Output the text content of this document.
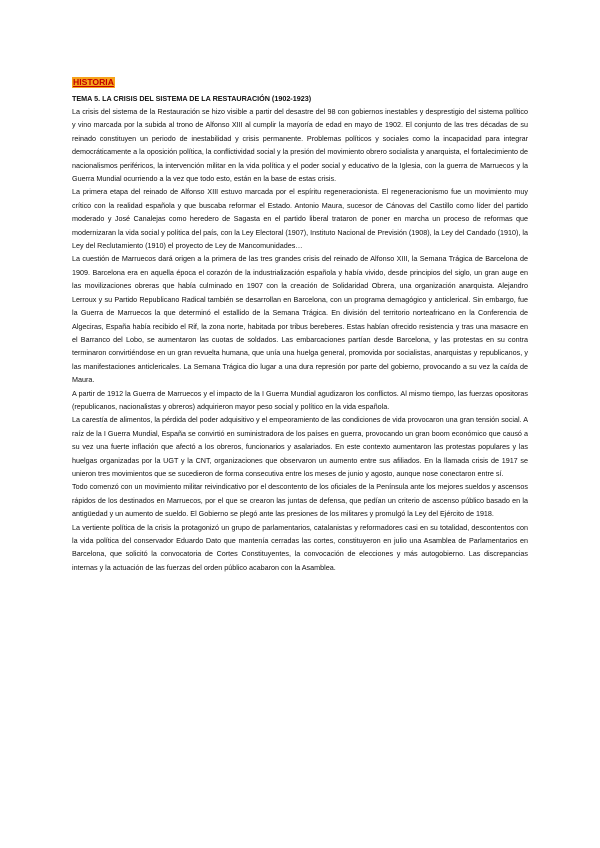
HISTORIA
TEMA 5. LA CRISIS DEL SISTEMA DE LA RESTAURACIÓN (1902-1923)

La crisis del sistema de la Restauración se hizo visible a partir del desastre del 98 con gobiernos inestables y desprestigio del sistema político y vino marcada por la subida al trono de Alfonso XIII al cumplir la mayoría de edad en mayo de 1902. El conjunto de las tres décadas de su reinado constituyen un periodo de inestabilidad y crisis permanente. Problemas políticos y sociales como la incapacidad para integrar democráticamente a la oposición política, la conflictividad social y la presión del movimiento obrero socialista y anarquista, el fortalecimiento de nacionalismos periféricos, la intervención militar en la vida política y el poder social y educativo de la Iglesia, con la guerra de Marruecos y la Guerra Mundial ocurriendo a la vez que todo esto, están en la base de estas crisis.

La primera etapa del reinado de Alfonso XIII estuvo marcada por el espíritu regeneracionista. El regeneracionismo fue un movimiento muy crítico con la realidad española y que buscaba reformar el Estado. Antonio Maura, sucesor de Cánovas del Castillo como líder del partido moderado y José Canalejas como heredero de Sagasta en el partido liberal trataron de poner en marcha un proceso de reformas que modernizaran la vida social y política del país, con la Ley Electoral (1907), Instituto Nacional de Previsión (1908), la Ley del Candado (1910), la Ley del Reclutamiento (1910) el proyecto de Ley de Mancomunidades…

La cuestión de Marruecos dará origen a la primera de las tres grandes crisis del reinado de Alfonso XIII, la Semana Trágica de Barcelona de 1909. Barcelona era en aquella época el corazón de la industrialización española y había vivido, desde principios del siglo, un gran auge en las movilizaciones obreras que había culminado en 1907 con la creación de Solidaridad Obrera, una organización anarquista. Alejandro Lerroux y su Partido Republicano Radical también se desarrollan en Barcelona, con un programa demagógico y anticlerical. Sin embargo, fue la Guerra de Marruecos la que determinó el estallido de la Semana Trágica. En división del territorio norteafricano en la Conferencia de Algeciras, España había recibido el Rif, la zona norte, habitada por tribus bereberes. Estas habían ofrecido resistencia y tras una masacre en el Barranco del Lobo, se aumentaron las cuotas de soldados. Las embarcaciones partían desde Barcelona, y las protestas en su contra terminaron convirtiéndose en un gran revuelta humana, que unía una huelga general, promovida por socialistas, anarquistas y republicanos, y las manifestaciones anticlericales. La Semana Trágica dio lugar a una dura represión por parte del gobierno, provocando a su vez la caída de Maura.

A partir de 1912 la Guerra de Marruecos y el impacto de la I Guerra Mundial agudizaron los conflictos. Al mismo tiempo, las fuerzas opositoras (republicanos, nacionalistas y obreros) adquirieron mayor peso social y político en la vida española.

La carestía de alimentos, la pérdida del poder adquisitivo y el empeoramiento de las condiciones de vida provocaron una gran tensión social. A raíz de la I Guerra Mundial, España se convirtió en suministradora de los países en guerra, provocando un gran boom económico que causó a su vez una fuerte inflación que afectó a los obreros, funcionarios y asalariados. En este contexto aumentaron las protestas populares y las huelgas organizadas por la UGT y la CNT, organizaciones que observaron un aumento entre sus afiliados. En la llamada crisis de 1917 se unieron tres movimientos que se sucedieron de forma consecutiva entre los meses de junio y agosto, aunque nose conectaron entre sí.

Todo comenzó con un movimiento militar reivindicativo por el descontento de los oficiales de la Península ante los mejores sueldos y ascensos rápidos de los destinados en Marruecos, por el que se crearon las juntas de defensa, que pedían un criterio de ascenso público basado en la antigüedad y un aumento de sueldo. El Gobierno se plegó ante las presiones de los militares y promulgó la Ley del Ejército de 1918.

La vertiente política de la crisis la protagonizó un grupo de parlamentarios, catalanistas y reformadores casi en su totalidad, descontentos con la vida política del conservador Eduardo Dato que mantenía cerradas las cortes, constituyeron en julio una Asamblea de Parlamentarios en Barcelona, que solicitó la convocatoria de Cortes Constituyentes, la convocación de elecciones y más autogobierno. Las discrepancias internas y la actuación de las fuerzas del orden público acabaron con la Asamblea.
